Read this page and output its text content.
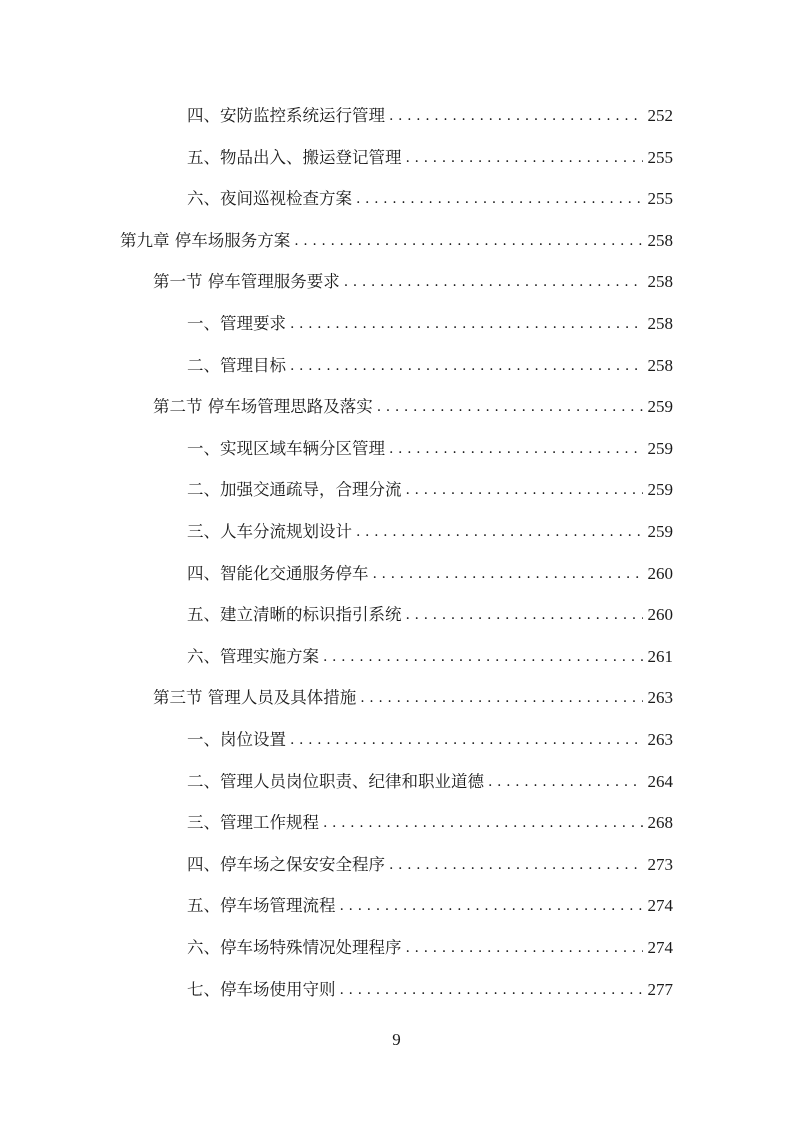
四、安防监控系统运行管理 .....	252
五、物品出入、搬运登记管理 .....	255
六、夜间巡视检查方案 .....	255
第九章 停车场服务方案 .....	258
第一节 停车管理服务要求 .....	258
一、管理要求 .....	258
二、管理目标 .....	258
第二节 停车场管理思路及落实 .....	259
一、实现区域车辆分区管理 .....	259
二、加强交通疏导，合理分流 .....	259
三、人车分流规划设计 .....	259
四、智能化交通服务停车 .....	260
五、建立清晰的标识指引系统 .....	260
六、管理实施方案 .....	261
第三节 管理人员及具体措施 .....	263
一、岗位设置 .....	263
二、管理人员岗位职责、纪律和职业道德 .....	264
三、管理工作规程 .....	268
四、停车场之保安安全程序 .....	273
五、停车场管理流程 .....	274
六、停车场特殊情况处理程序 .....	274
七、停车场使用守则 .....	277
9
